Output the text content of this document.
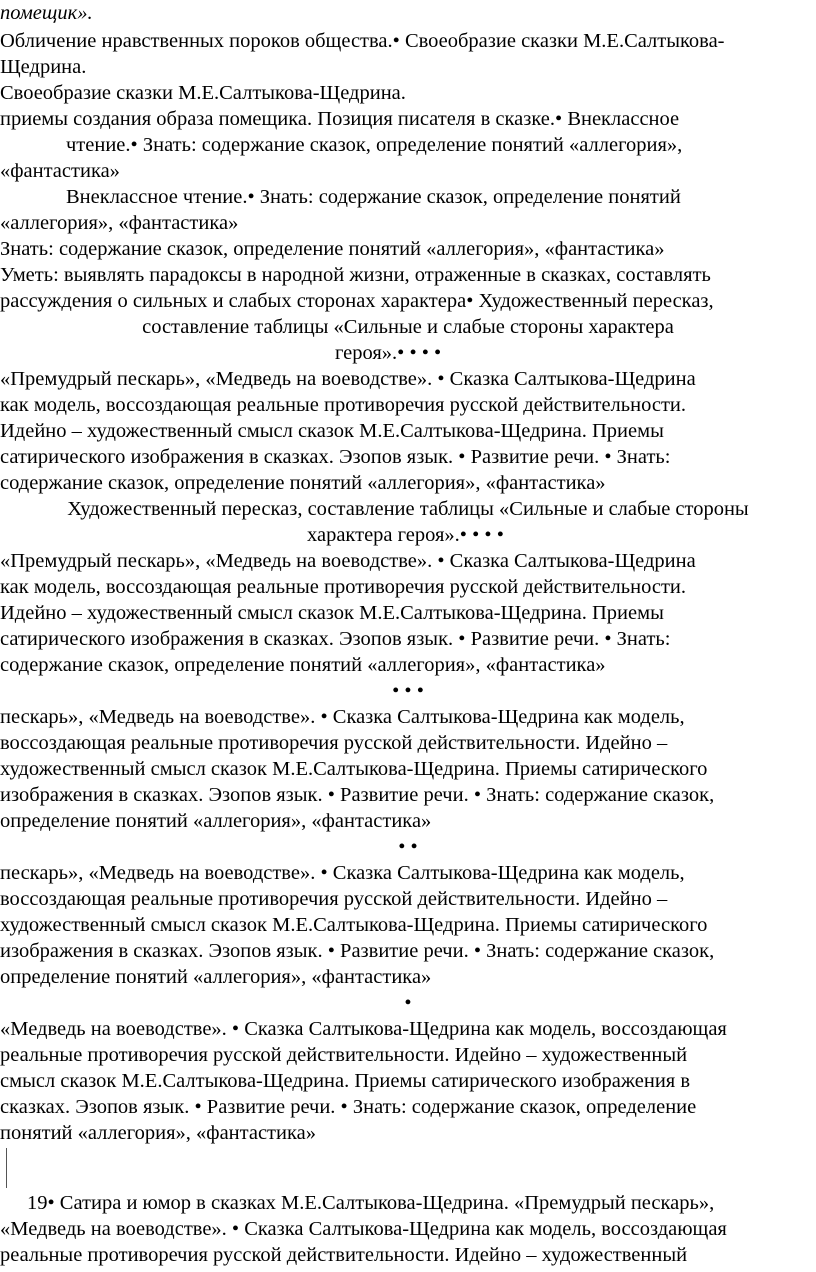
помещик».
Обличение нравственных пороков общества.• Своеобразие сказки М.Е.Салтыкова-
Щедрина.
Своеобразие сказки М.Е.Салтыкова-Щедрина.
приемы создания образа помещика. Позиция писателя в сказке.• Внеклассное
чтение.• Знать: содержание сказок, определение понятий «аллегория»,
«фантастика»
Внеклассное чтение.• Знать: содержание сказок, определение понятий
«аллегория», «фантастика»
Знать: содержание сказок, определение понятий «аллегория», «фантастика»
Уметь: выявлять парадоксы в народной жизни, отраженные в сказках, составлять
рассуждения о сильных и слабых сторонах характера• Художественный пересказ,
составление таблицы «Сильные и слабые стороны характера
героя».• • • •
«Премудрый пескарь», «Медведь на воеводстве». • Сказка Салтыкова-Щедрина
как модель, воссоздающая реальные противоречия русской действительности.
Идейно – художественный смысл сказок М.Е.Салтыкова-Щедрина. Приемы
сатирического изображения в сказках. Эзопов язык. • Развитие речи. • Знать:
содержание сказок, определение понятий «аллегория», «фантастика»
Художественный пересказ, составление таблицы «Сильные и слабые стороны
характера героя».• • • •
«Премудрый пескарь», «Медведь на воеводстве». • Сказка Салтыкова-Щедрина
как модель, воссоздающая реальные противоречия русской действительности.
Идейно – художественный смысл сказок М.Е.Салтыкова-Щедрина. Приемы
сатирического изображения в сказках. Эзопов язык. • Развитие речи. • Знать:
содержание сказок, определение понятий «аллегория», «фантастика»
• • •
пескарь», «Медведь на воеводстве». • Сказка Салтыкова-Щедрина как модель,
воссоздающая реальные противоречия русской действительности. Идейно –
художественный смысл сказок М.Е.Салтыкова-Щедрина. Приемы сатирического
изображения в сказках. Эзопов язык. • Развитие речи. • Знать: содержание сказок,
определение понятий «аллегория», «фантастика»
• •
пескарь», «Медведь на воеводстве». • Сказка Салтыкова-Щедрина как модель,
воссоздающая реальные противоречия русской действительности. Идейно –
художественный смысл сказок М.Е.Салтыкова-Щедрина. Приемы сатирического
изображения в сказках. Эзопов язык. • Развитие речи. • Знать: содержание сказок,
определение понятий «аллегория», «фантастика»
•
«Медведь на воеводстве». • Сказка Салтыкова-Щедрина как модель, воссоздающая
реальные противоречия русской действительности. Идейно – художественный
смысл сказок М.Е.Салтыкова-Щедрина. Приемы сатирического изображения в
сказках. Эзопов язык. • Развитие речи. • Знать: содержание сказок, определение
понятий «аллегория», «фантастика»
19• Сатира и юмор в сказках М.Е.Салтыкова-Щедрина. «Премудрый пескарь»,
«Медведь на воеводстве». • Сказка Салтыкова-Щедрина как модель, воссоздающая
реальные противоречия русской действительности. Идейно – художественный
